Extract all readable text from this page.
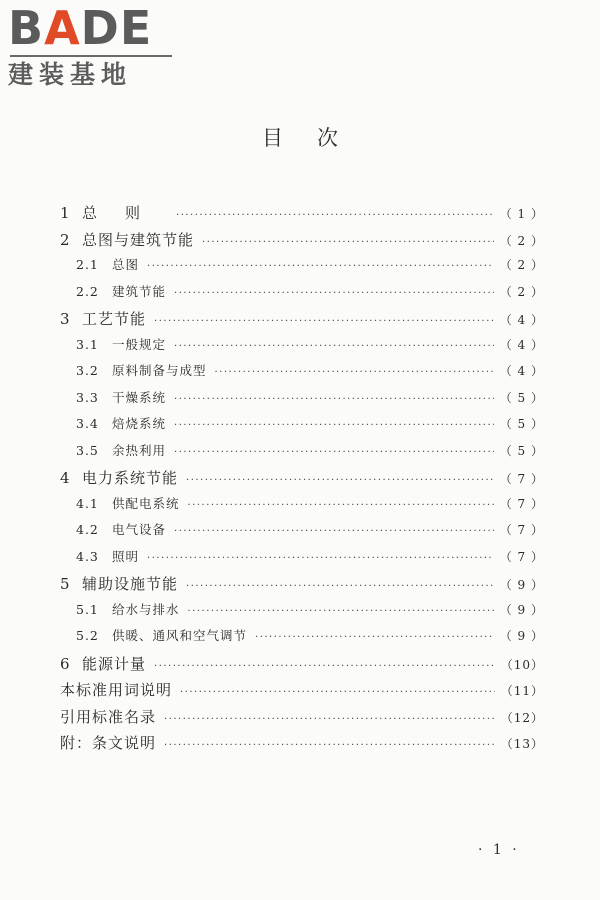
BADE
建装基地
目次
1 总则 ·····	（ 1 ）
2 总图与建筑节能 ·····	（ 2 ）
2.1	总图 ·····	（ 2 ）
2.2	建筑节能 ·····	（ 2 ）
3 工艺节能 ·····	（ 4 ）
3.1	一般规定 ·····	（ 4 ）
3.2	原料制备与成型 ·····	（ 4 ）
3.3	干燥系统 ·····	（ 5 ）
3.4	焙烧系统 ·····	（ 5 ）
3.5	余热利用 ·····	（ 5 ）
4 电力系统节能 ·····	（ 7 ）
4.1	供配电系统 ·····	（ 7 ）
4.2	电气设备 ·····	（ 7 ）
4.3	照明 ·····	（ 7 ）
5 辅助设施节能 ·····	（ 9 ）
5.1	给水与排水 ·····	（ 9 ）
5.2	供暖、通风和空气调节 ·····	（ 9 ）
6 能源计量 ·····	（10）
本标准用词说明 ·····	（11）
引用标准名录 ·····	（12）
附：条文说明 ·····	（13）
· 1 ·
